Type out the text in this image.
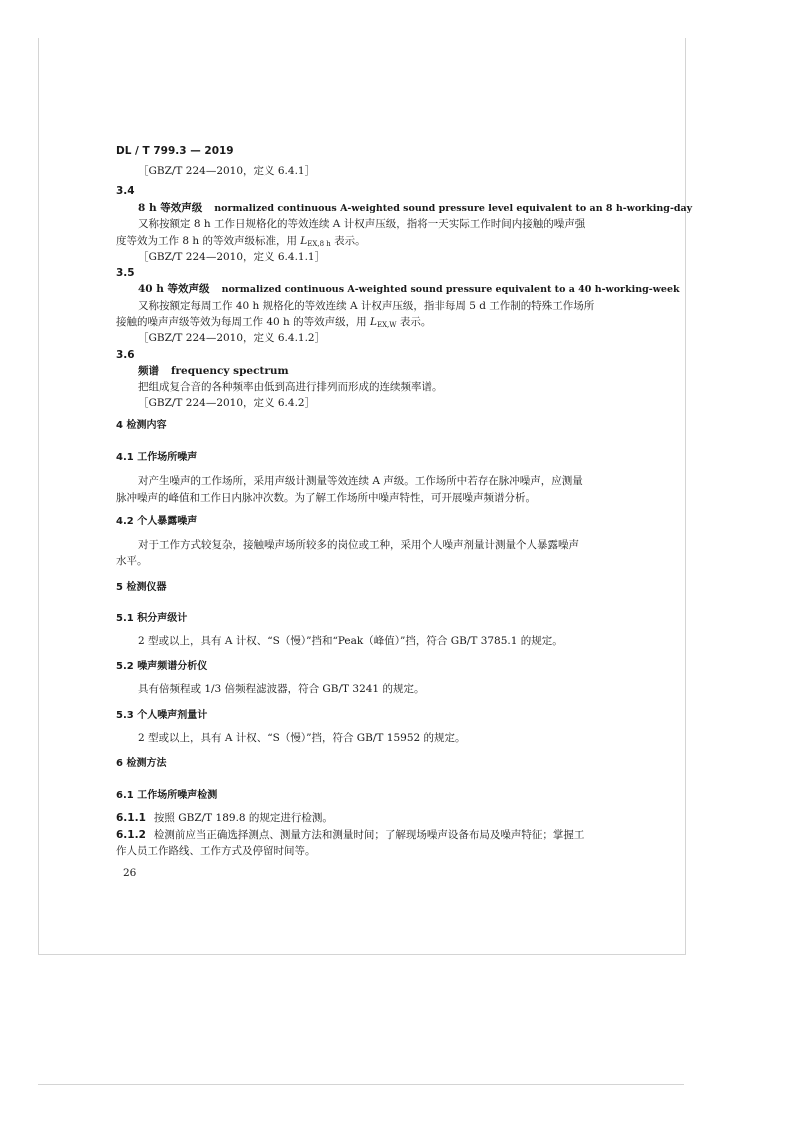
DL / T 799.3 — 2019
［GBZ/T 224—2010，定义 6.4.1］
3.4
8 h 等效声级 normalized continuous A-weighted sound pressure level equivalent to an 8 h-working-day
又称按额定 8 h 工作日规格化的等效连续 A 计权声压级，指将一天实际工作时间内接触的噪声强
度等效为工作 8 h 的等效声级标准，用 $L_{EX,8 h}$ 表示。
［GBZ/T 224—2010，定义 6.4.1.1］
3.5
40 h 等效声级 normalized continuous A-weighted sound pressure equivalent to a 40 h-working-week
又称按额定每周工作 40 h 规格化的等效连续 A 计权声压级，指非每周 5 d 工作制的特殊工作场所
接触的噪声声级等效为每周工作 40 h 的等效声级，用 $L_{EX,W}$ 表示。
［GBZ/T 224—2010，定义 6.4.1.2］
3.6
频谱 frequency spectrum
把组成复合音的各种频率由低到高进行排列而形成的连续频率谱。
［GBZ/T 224—2010，定义 6.4.2］
4 检测内容
4.1 工作场所噪声
对产生噪声的工作场所，采用声级计测量等效连续 A 声级。工作场所中若存在脉冲噪声，应测量
脉冲噪声的峰值和工作日内脉冲次数。为了解工作场所中噪声特性，可开展噪声频谱分析。
4.2 个人暴露噪声
对于工作方式较复杂，接触噪声场所较多的岗位或工种，采用个人噪声剂量计测量个人暴露噪声
水平。
5 检测仪器
5.1 积分声级计
2 型或以上，具有 A 计权、“S（慢）”挡和“Peak（峰值）”挡，符合 GB/T 3785.1 的规定。
5.2 噪声频谱分析仪
具有倍频程或 1/3 倍频程滤波器，符合 GB/T 3241 的规定。
5.3 个人噪声剂量计
2 型或以上，具有 A 计权、“S（慢）”挡，符合 GB/T 15952 的规定。
6 检测方法
6.1 工作场所噪声检测
6.1.1 按照 GBZ/T 189.8 的规定进行检测。
6.1.2 检测前应当正确选择测点、测量方法和测量时间；了解现场噪声设备布局及噪声特征；掌握工
作人员工作路线、工作方式及停留时间等。
26
